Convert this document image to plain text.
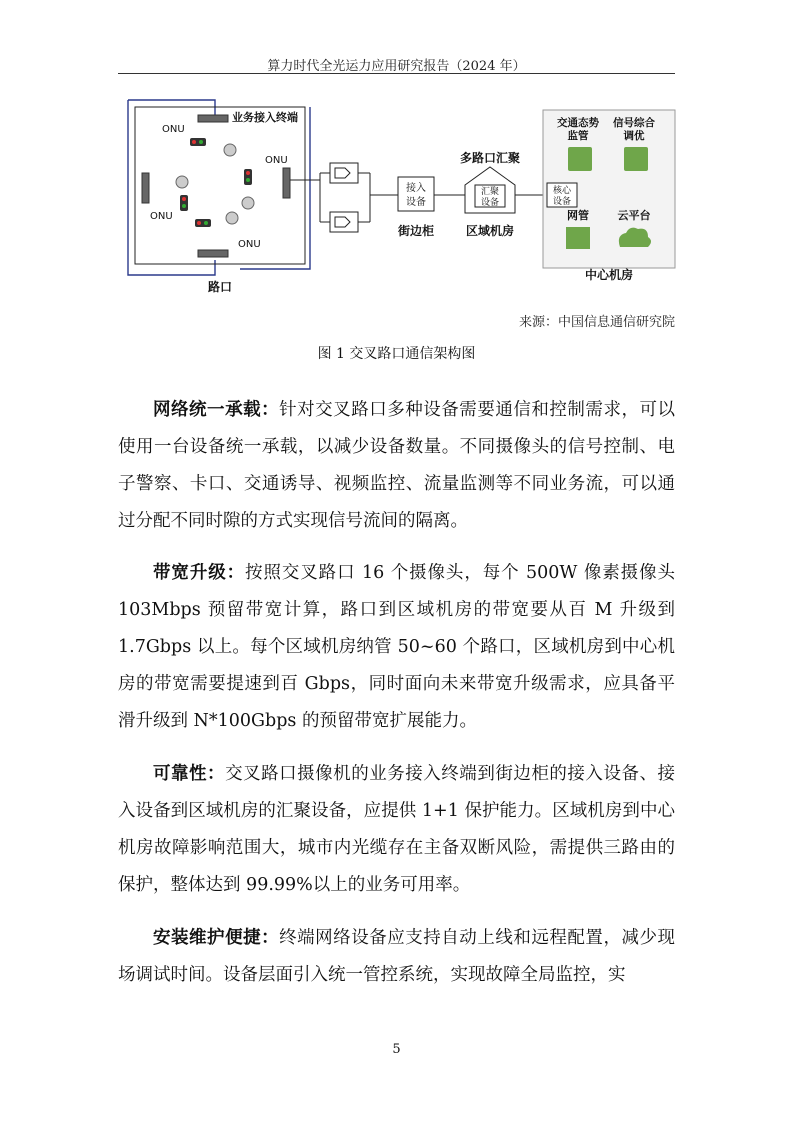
算力时代全光运力应用研究报告（2024 年）
业务接入终端
ONU
ONU
ONU
ONU
路口
接入
设备
街边柜
多路口汇聚
汇聚
设备
区域机房
核心
设备
交通态势
监管
信号综合
调优
网管	云平台
中心机房
来源：中国信息通信研究院
图 1 交叉路口通信架构图
网络统一承载：针对交叉路口多种设备需要通信和控制需求，可以使用一台设备统一承载，以减少设备数量。不同摄像头的信号控制、电子警察、卡口、交通诱导、视频监控、流量监测等不同业务流，可以通过分配不同时隙的方式实现信号流间的隔离。
带宽升级：按照交叉路口 16 个摄像头，每个 500W 像素摄像头 103Mbps 预留带宽计算，路口到区域机房的带宽要从百 M 升级到 1.7Gbps 以上。每个区域机房纳管 50~60 个路口，区域机房到中心机房的带宽需要提速到百 Gbps，同时面向未来带宽升级需求，应具备平滑升级到 N*100Gbps 的预留带宽扩展能力。
可靠性：交叉路口摄像机的业务接入终端到街边柜的接入设备、接入设备到区域机房的汇聚设备，应提供 1+1 保护能力。区域机房到中心机房故障影响范围大，城市内光缆存在主备双断风险，需提供三路由的保护，整体达到 99.99%以上的业务可用率。
安装维护便捷：终端网络设备应支持自动上线和远程配置，减少现场调试时间。设备层面引入统一管控系统，实现故障全局监控，实
5
